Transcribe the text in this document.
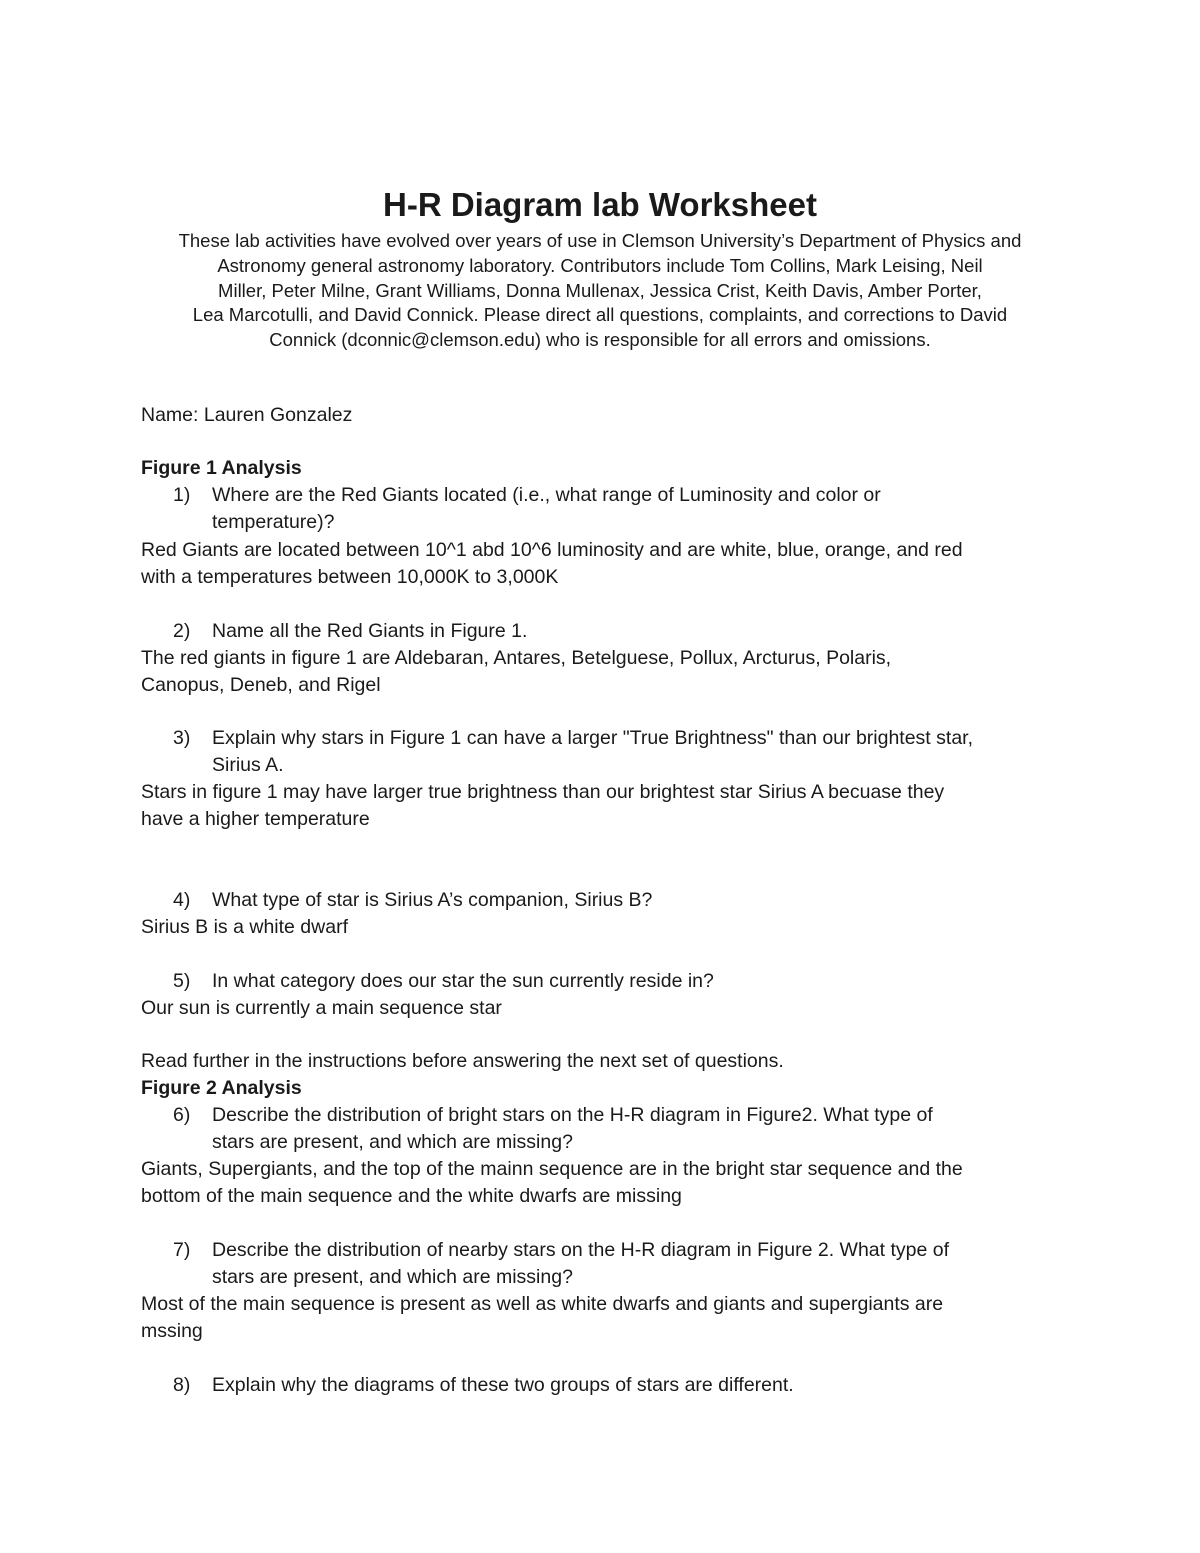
H-R Diagram lab Worksheet
These lab activities have evolved over years of use in Clemson University’s Department of Physics and
Astronomy general astronomy laboratory. Contributors include Tom Collins, Mark Leising, Neil
Miller, Peter Milne, Grant Williams, Donna Mullenax, Jessica Crist, Keith Davis, Amber Porter,
Lea Marcotulli, and David Connick. Please direct all questions, complaints, and corrections to David
Connick (dconnic@clemson.edu) who is responsible for all errors and omissions.
Name: Lauren Gonzalez
Figure 1 Analysis
1) Where are the Red Giants located (i.e., what range of Luminosity and color or
temperature)?
Red Giants are located between 10^1 abd 10^6 luminosity and are white, blue, orange, and red
with a temperatures between 10,000K to 3,000K
2) Name all the Red Giants in Figure 1.
The red giants in figure 1 are Aldebaran, Antares, Betelguese, Pollux, Arcturus, Polaris,
Canopus, Deneb, and Rigel
3) Explain why stars in Figure 1 can have a larger "True Brightness" than our brightest star,
Sirius A.
Stars in figure 1 may have larger true brightness than our brightest star Sirius A becuase they
have a higher temperature
4) What type of star is Sirius A’s companion, Sirius B?
Sirius B is a white dwarf
5) In what category does our star the sun currently reside in?
Our sun is currently a main sequence star
Read further in the instructions before answering the next set of questions.
Figure 2 Analysis
6) Describe the distribution of bright stars on the H-R diagram in Figure2. What type of
stars are present, and which are missing?
Giants, Supergiants, and the top of the mainn sequence are in the bright star sequence and the
bottom of the main sequence and the white dwarfs are missing
7) Describe the distribution of nearby stars on the H-R diagram in Figure 2. What type of
stars are present, and which are missing?
Most of the main sequence is present as well as white dwarfs and giants and supergiants are
mssing
8) Explain why the diagrams of these two groups of stars are different.
